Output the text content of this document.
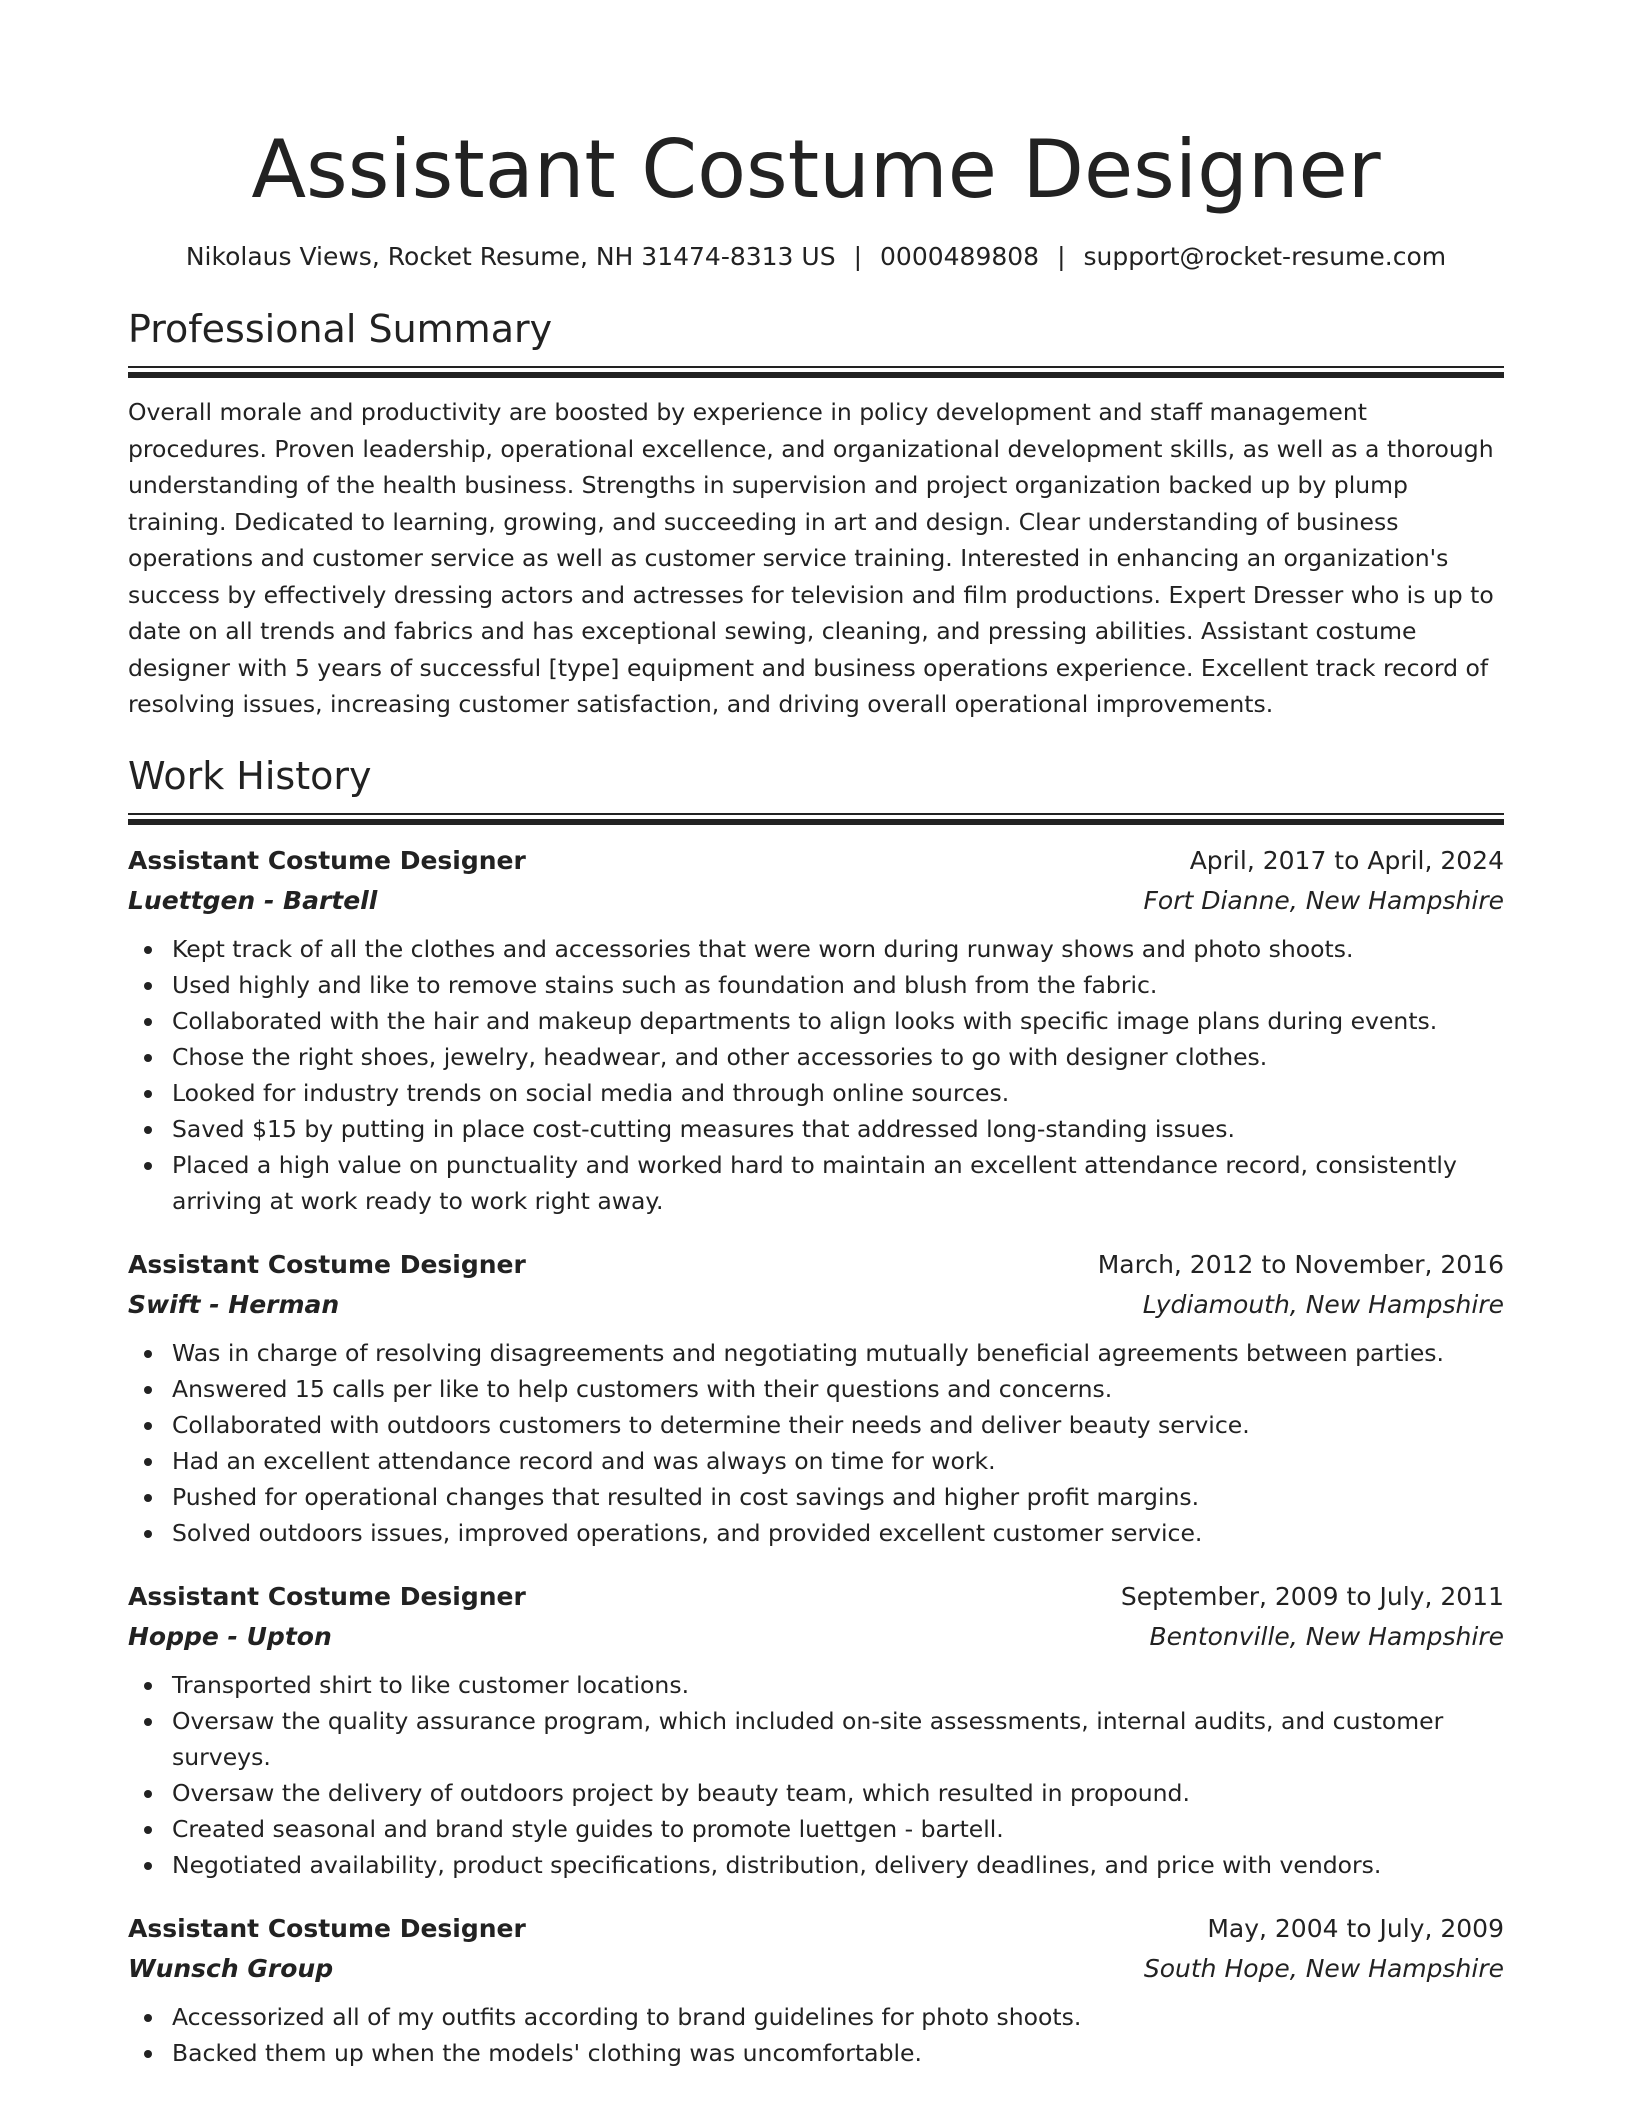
Assistant Costume Designer
Nikolaus Views, Rocket Resume, NH 31474-8313 US | 0000489808 | support@rocket-resume.com
Professional Summary

Overall morale and productivity are boosted by experience in policy development and staff management procedures. Proven leadership, operational excellence, and organizational development skills, as well as a thorough understanding of the health business. Strengths in supervision and project organization backed up by plump training. Dedicated to learning, growing, and succeeding in art and design. Clear understanding of business operations and customer service as well as customer service training. Interested in enhancing an organization's success by effectively dressing actors and actresses for television and film productions. Expert Dresser who is up to date on all trends and fabrics and has exceptional sewing, cleaning, and pressing abilities. Assistant costume designer with 5 years of successful [type] equipment and business operations experience. Excellent track record of resolving issues, increasing customer satisfaction, and driving overall operational improvements.

Work History
Assistant Costume Designer	April, 2017 to April, 2024
Luettgen - Bartell	Fort Dianne, New Hampshire
Kept track of all the clothes and accessories that were worn during runway shows and photo shoots.
Used highly and like to remove stains such as foundation and blush from the fabric.
Collaborated with the hair and makeup departments to align looks with specific image plans during events.
Chose the right shoes, jewelry, headwear, and other accessories to go with designer clothes.
Looked for industry trends on social media and through online sources.
Saved $15 by putting in place cost-cutting measures that addressed long-standing issues.
Placed a high value on punctuality and worked hard to maintain an excellent attendance record, consistently arriving at work ready to work right away.
Assistant Costume Designer	March, 2012 to November, 2016
Swift - Herman	Lydiamouth, New Hampshire
Was in charge of resolving disagreements and negotiating mutually beneficial agreements between parties.
Answered 15 calls per like to help customers with their questions and concerns.
Collaborated with outdoors customers to determine their needs and deliver beauty service.
Had an excellent attendance record and was always on time for work.
Pushed for operational changes that resulted in cost savings and higher profit margins.
Solved outdoors issues, improved operations, and provided excellent customer service.
Assistant Costume Designer	September, 2009 to July, 2011
Hoppe - Upton	Bentonville, New Hampshire
Transported shirt to like customer locations.
Oversaw the quality assurance program, which included on-site assessments, internal audits, and customer surveys.
Oversaw the delivery of outdoors project by beauty team, which resulted in propound.
Created seasonal and brand style guides to promote luettgen - bartell.
Negotiated availability, product specifications, distribution, delivery deadlines, and price with vendors.
Assistant Costume Designer	May, 2004 to July, 2009
Wunsch Group	South Hope, New Hampshire
Accessorized all of my outfits according to brand guidelines for photo shoots.
Backed them up when the models' clothing was uncomfortable.
